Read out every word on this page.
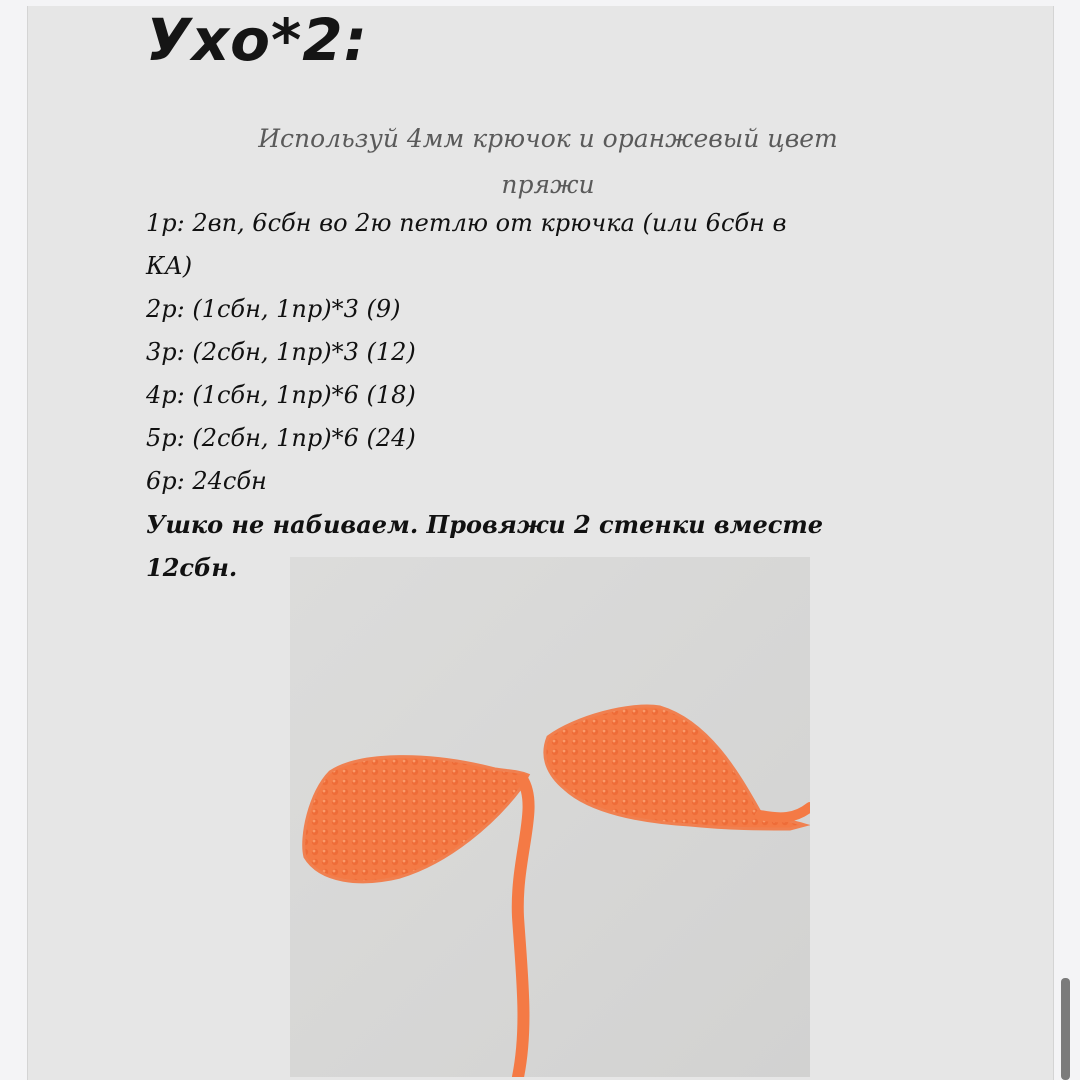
Ухо*2:
Используй 4мм крючок и оранжевый цвет
пряжи
1р: 2вп, 6сбн во 2ю петлю от крючка (или 6сбн в
КА)
2р: (1сбн, 1пр)*3 (9)
3р: (2сбн, 1пр)*3 (12)
4р: (1сбн, 1пр)*6 (18)
5р: (2сбн, 1пр)*6 (24)
6р: 24сбн
Ушко не набиваем. Провяжи 2 стенки вместе
12сбн.
